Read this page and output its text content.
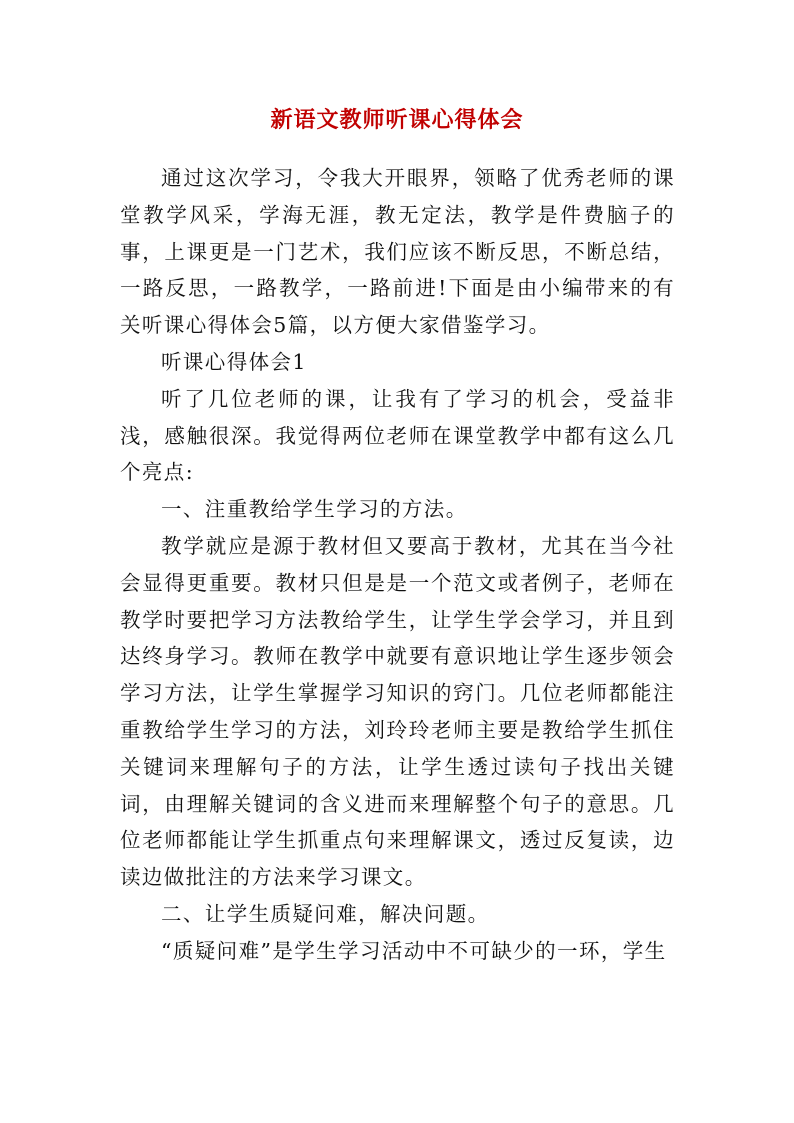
新语文教师听课心得体会

通过这次学习，令我大开眼界，领略了优秀老师的课堂教学风采，学海无涯，教无定法，教学是件费脑子的事，上课更是一门艺术，我们应该不断反思，不断总结，一路反思，一路教学，一路前进!下面是由小编带来的有关听课心得体会5篇，以方便大家借鉴学习。

听课心得体会1

听了几位老师的课，让我有了学习的机会，受益非浅，感触很深。我觉得两位老师在课堂教学中都有这么几个亮点:

一、注重教给学生学习的方法。

教学就应是源于教材但又要高于教材，尤其在当今社会显得更重要。教材只但是是一个范文或者例子，老师在教学时要把学习方法教给学生，让学生学会学习，并且到达终身学习。教师在教学中就要有意识地让学生逐步领会学习方法，让学生掌握学习知识的窍门。几位老师都能注重教给学生学习的方法，刘玲玲老师主要是教给学生抓住关键词来理解句子的方法，让学生透过读句子找出关键词，由理解关键词的含义进而来理解整个句子的意思。几位老师都能让学生抓重点句来理解课文，透过反复读，边读边做批注的方法来学习课文。

二、让学生质疑问难，解决问题。

“质疑问难”是学生学习活动中不可缺少的一环，学生
